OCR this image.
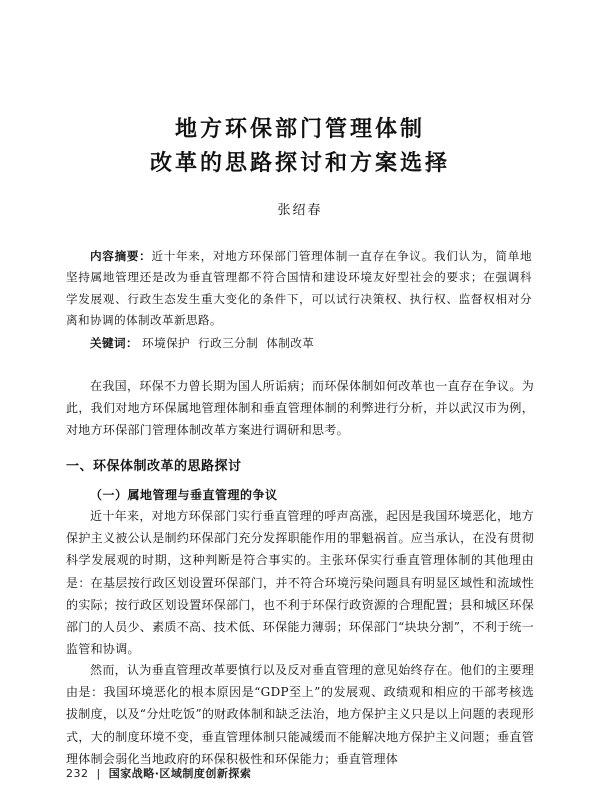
地方环保部门管理体制
改革的思路探讨和方案选择
张绍春
内容摘要：近十年来，对地方环保部门管理体制一直存在争议。我们认为，简单地坚持属地管理还是改为垂直管理都不符合国情和建设环境友好型社会的要求；在强调科学发展观、行政生态发生重大变化的条件下，可以试行决策权、执行权、监督权相对分离和协调的体制改革新思路。
关键词： 环境保护 行政三分制 体制改革
在我国，环保不力曾长期为国人所诟病；而环保体制如何改革也一直存在争议。为此，我们对地方环保属地管理体制和垂直管理体制的利弊进行分析，并以武汉市为例，对地方环保部门管理体制改革方案进行调研和思考。
一、环保体制改革的思路探讨
（一）属地管理与垂直管理的争议
近十年来，对地方环保部门实行垂直管理的呼声高涨，起因是我国环境恶化，地方保护主义被公认是制约环保部门充分发挥职能作用的罪魁祸首。应当承认，在没有贯彻科学发展观的时期，这种判断是符合事实的。主张环保实行垂直管理体制的其他理由是：在基层按行政区划设置环保部门，并不符合环境污染问题具有明显区域性和流域性的实际；按行政区划设置环保部门，也不利于环保行政资源的合理配置；县和城区环保部门的人员少、素质不高、技术低、环保能力薄弱；环保部门“块块分割”，不利于统一监管和协调。
然而，认为垂直管理改革要慎行以及反对垂直管理的意见始终存在。他们的主要理由是：我国环境恶化的根本原因是“GDP至上”的发展观、政绩观和相应的干部考核选拔制度，以及“分灶吃饭”的财政体制和缺乏法治，地方保护主义只是以上问题的表现形式，大的制度环境不变，垂直管理体制只能减缓而不能解决地方保护主义问题；垂直管理体制会弱化当地政府的环保积极性和环保能力；垂直管理体
232 | 国家战略·区域制度创新探索
